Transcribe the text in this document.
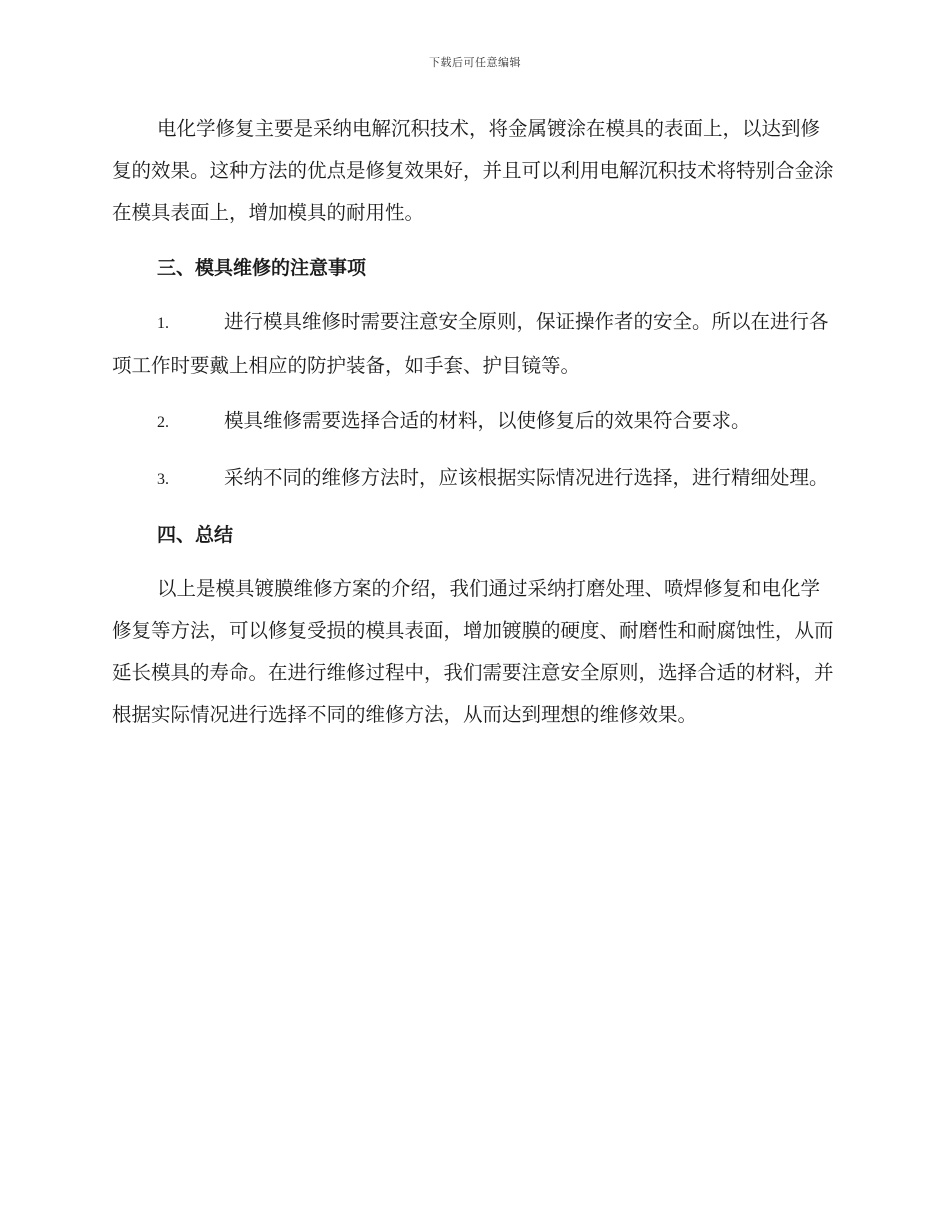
下载后可任意编辑

电化学修复主要是采纳电解沉积技术，将金属镀涂在模具的表面上，以达到修复的效果。这种方法的优点是修复效果好，并且可以利用电解沉积技术将特别合金涂在模具表面上，增加模具的耐用性。

三、模具维修的注意事项

1.	进行模具维修时需要注意安全原则，保证操作者的安全。所以在进行各项工作时要戴上相应的防护装备，如手套、护目镜等。

2.	模具维修需要选择合适的材料，以使修复后的效果符合要求。

3.	采纳不同的维修方法时，应该根据实际情况进行选择，进行精细处理。

四、总结

以上是模具镀膜维修方案的介绍，我们通过采纳打磨处理、喷焊修复和电化学修复等方法，可以修复受损的模具表面，增加镀膜的硬度、耐磨性和耐腐蚀性，从而延长模具的寿命。在进行维修过程中，我们需要注意安全原则，选择合适的材料，并根据实际情况进行选择不同的维修方法，从而达到理想的维修效果。
